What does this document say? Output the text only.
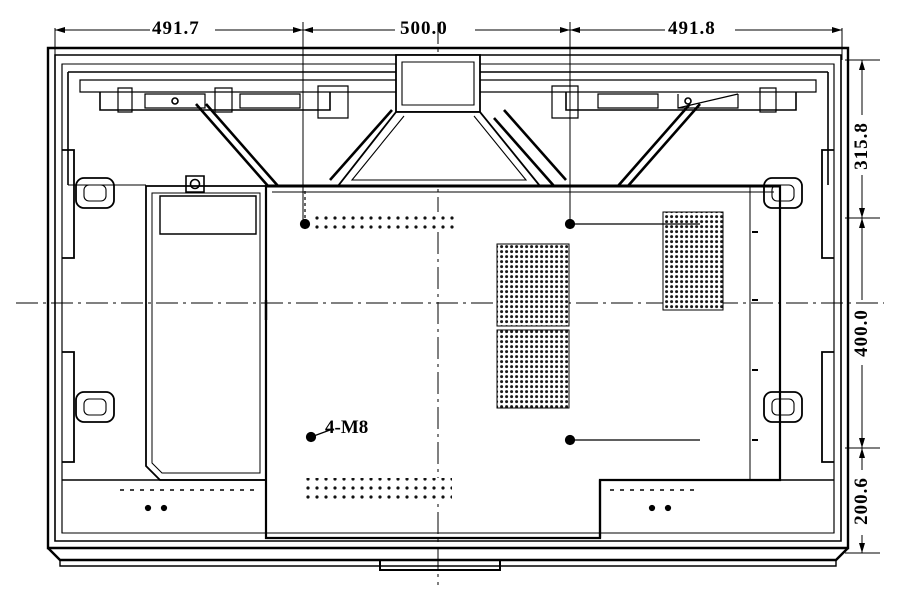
491.7	500.0	491.8
315.8
400.0
200.6
4-M8
